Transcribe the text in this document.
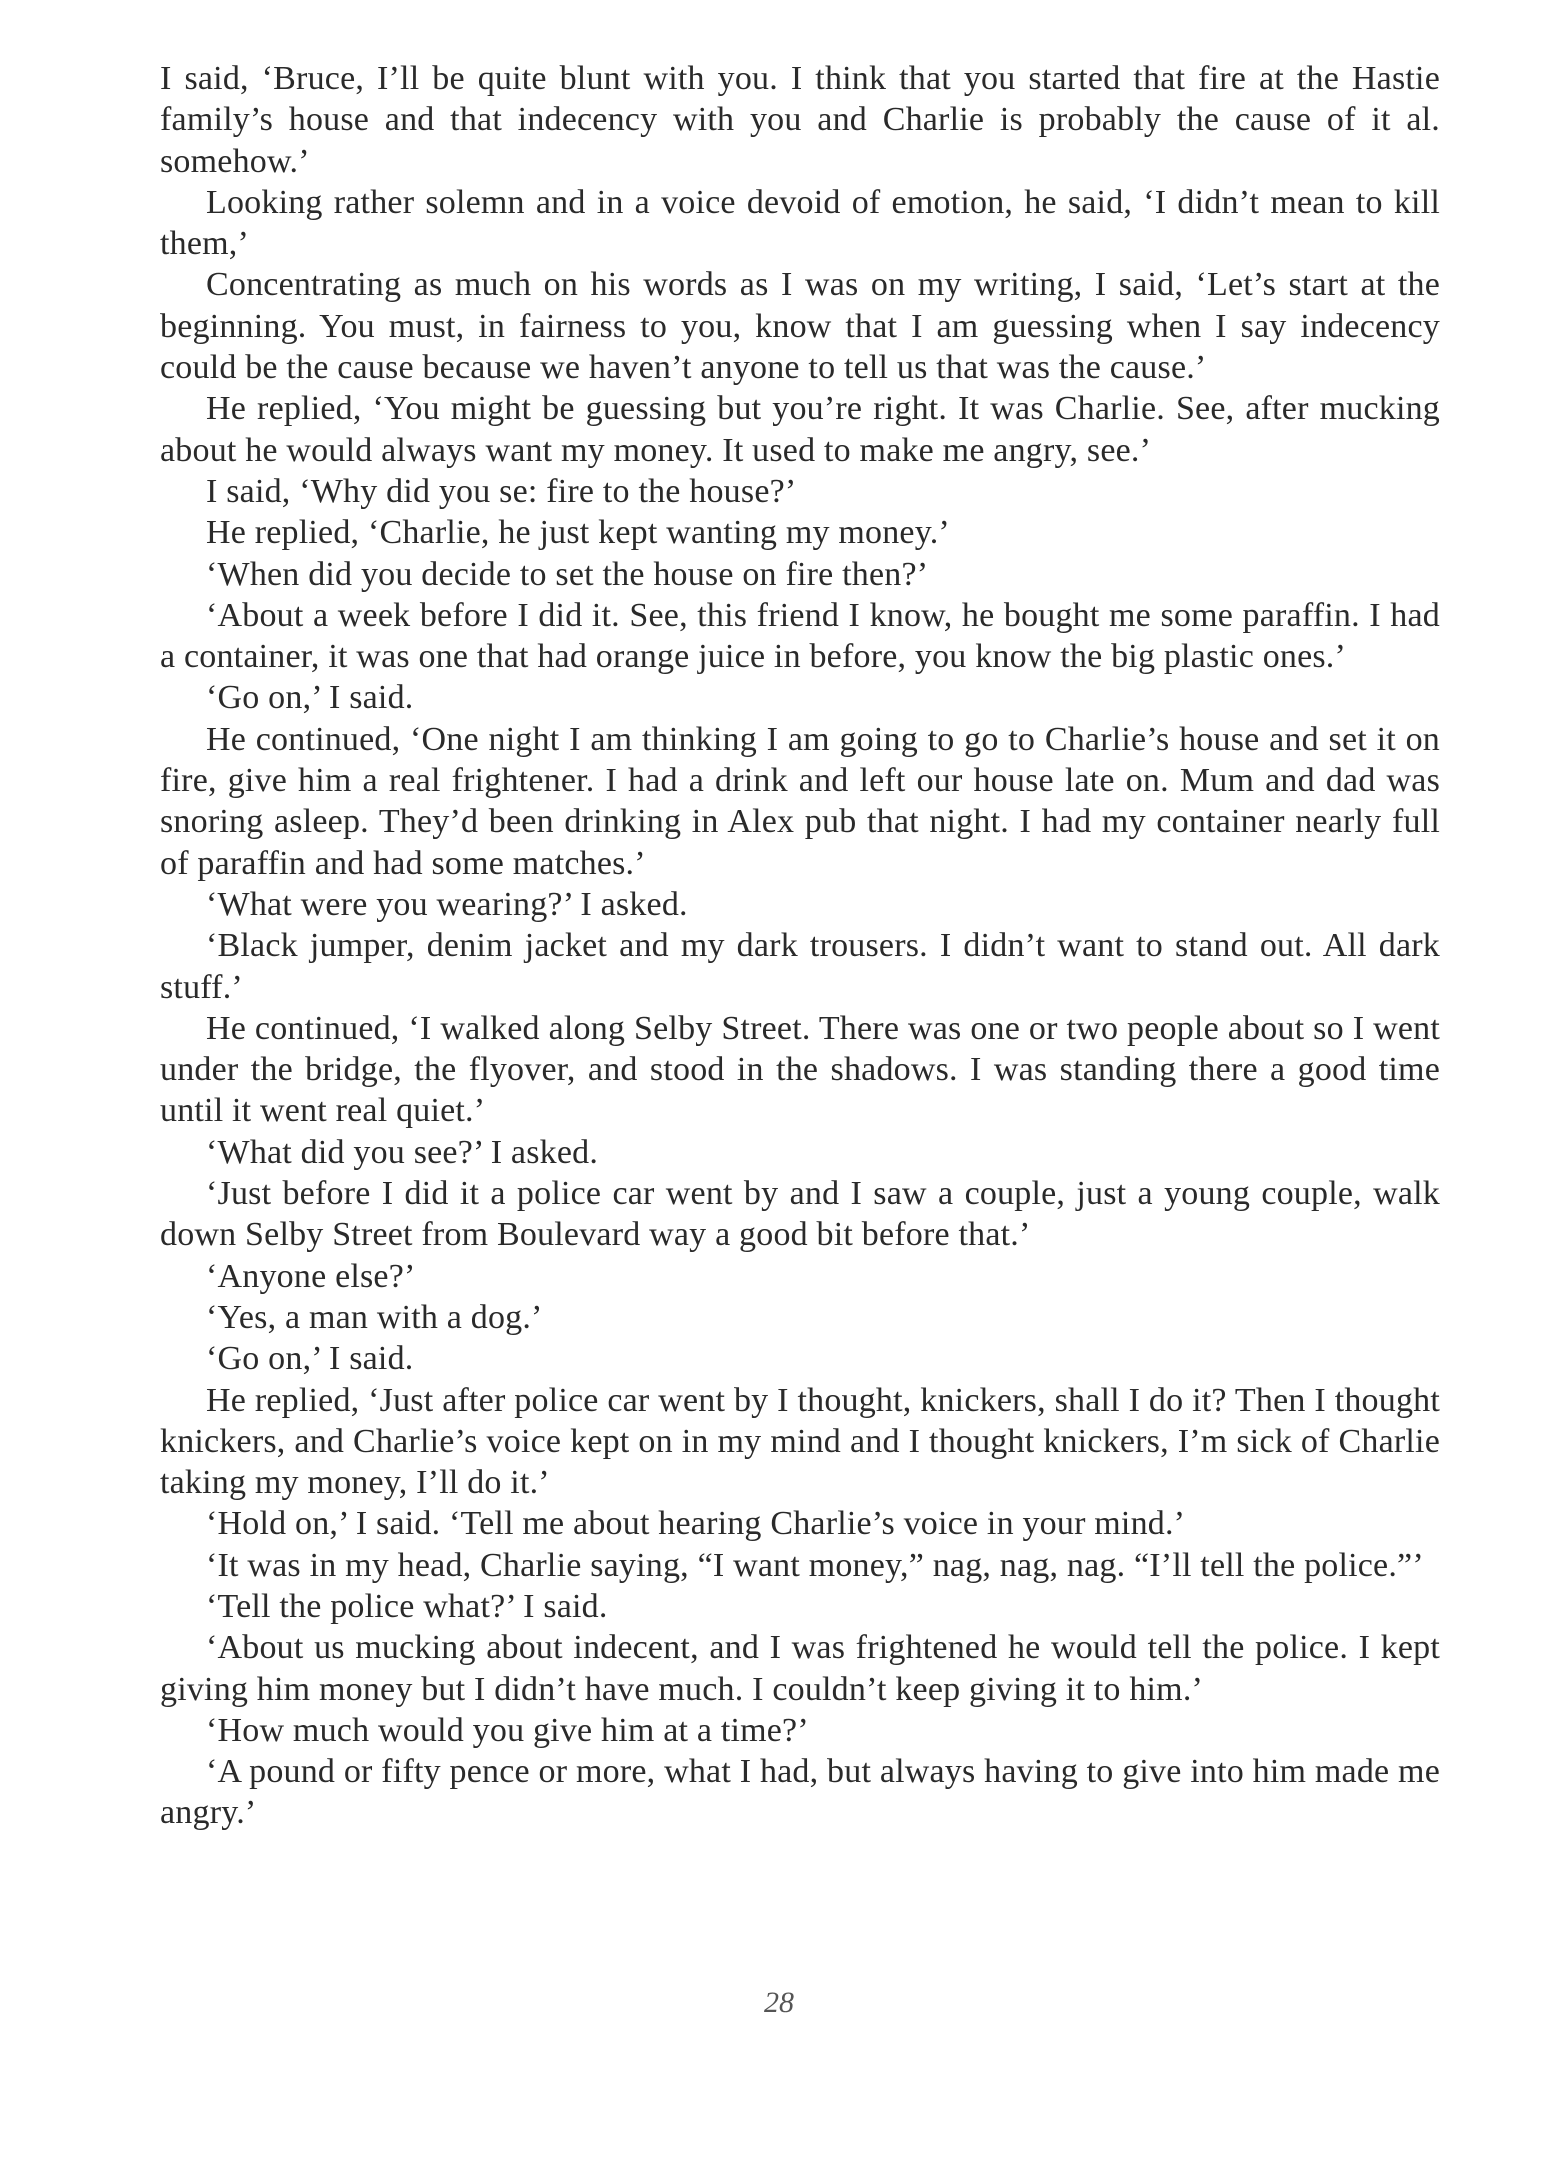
I said, ‘Bruce, I’ll be quite blunt with you. I think that you started that fire at the Hastie family’s house and that indecency with you and Charlie is probably the cause of it al. somehow.’

Looking rather solemn and in a voice devoid of emotion, he said, ‘I didn’t mean to kill them,’

Concentrating as much on his words as I was on my writing, I said, ‘Let’s start at the beginning. You must, in fairness to you, know that I am guessing when I say indecency could be the cause because we haven’t anyone to tell us that was the cause.’

He replied, ‘You might be guessing but you’re right. It was Charlie. See, after mucking about he would always want my money. It used to make me angry, see.’

I said, ‘Why did you se: fire to the house?’

He replied, ‘Charlie, he just kept wanting my money.’

‘When did you decide to set the house on fire then?’

‘About a week before I did it. See, this friend I know, he bought me some paraffin. I had a container, it was one that had orange juice in before, you know the big plastic ones.’

‘Go on,’ I said.

He continued, ‘One night I am thinking I am going to go to Charlie’s house and set it on fire, give him a real frightener. I had a drink and left our house late on. Mum and dad was snoring asleep. They’d been drinking in Alex pub that night. I had my container nearly full of paraffin and had some matches.’

‘What were you wearing?’ I asked.

‘Black jumper, denim jacket and my dark trousers. I didn’t want to stand out. All dark stuff.’

He continued, ‘I walked along Selby Street. There was one or two people about so I went under the bridge, the flyover, and stood in the shadows. I was standing there a good time until it went real quiet.’

‘What did you see?’ I asked.

‘Just before I did it a police car went by and I saw a couple, just a young couple, walk down Selby Street from Boulevard way a good bit before that.’

‘Anyone else?’

‘Yes, a man with a dog.’

‘Go on,’ I said.

He replied, ‘Just after police car went by I thought, knickers, shall I do it? Then I thought knickers, and Charlie’s voice kept on in my mind and I thought knickers, I’m sick of Charlie taking my money, I’ll do it.’

‘Hold on,’ I said. ‘Tell me about hearing Charlie’s voice in your mind.’

‘It was in my head, Charlie saying, “I want money,” nag, nag, nag. “I’ll tell the police.”’

‘Tell the police what?’ I said.

‘About us mucking about indecent, and I was frightened he would tell the police. I kept giving him money but I didn’t have much. I couldn’t keep giving it to him.’

‘How much would you give him at a time?’

‘A pound or fifty pence or more, what I had, but always having to give into him made me angry.’

28
